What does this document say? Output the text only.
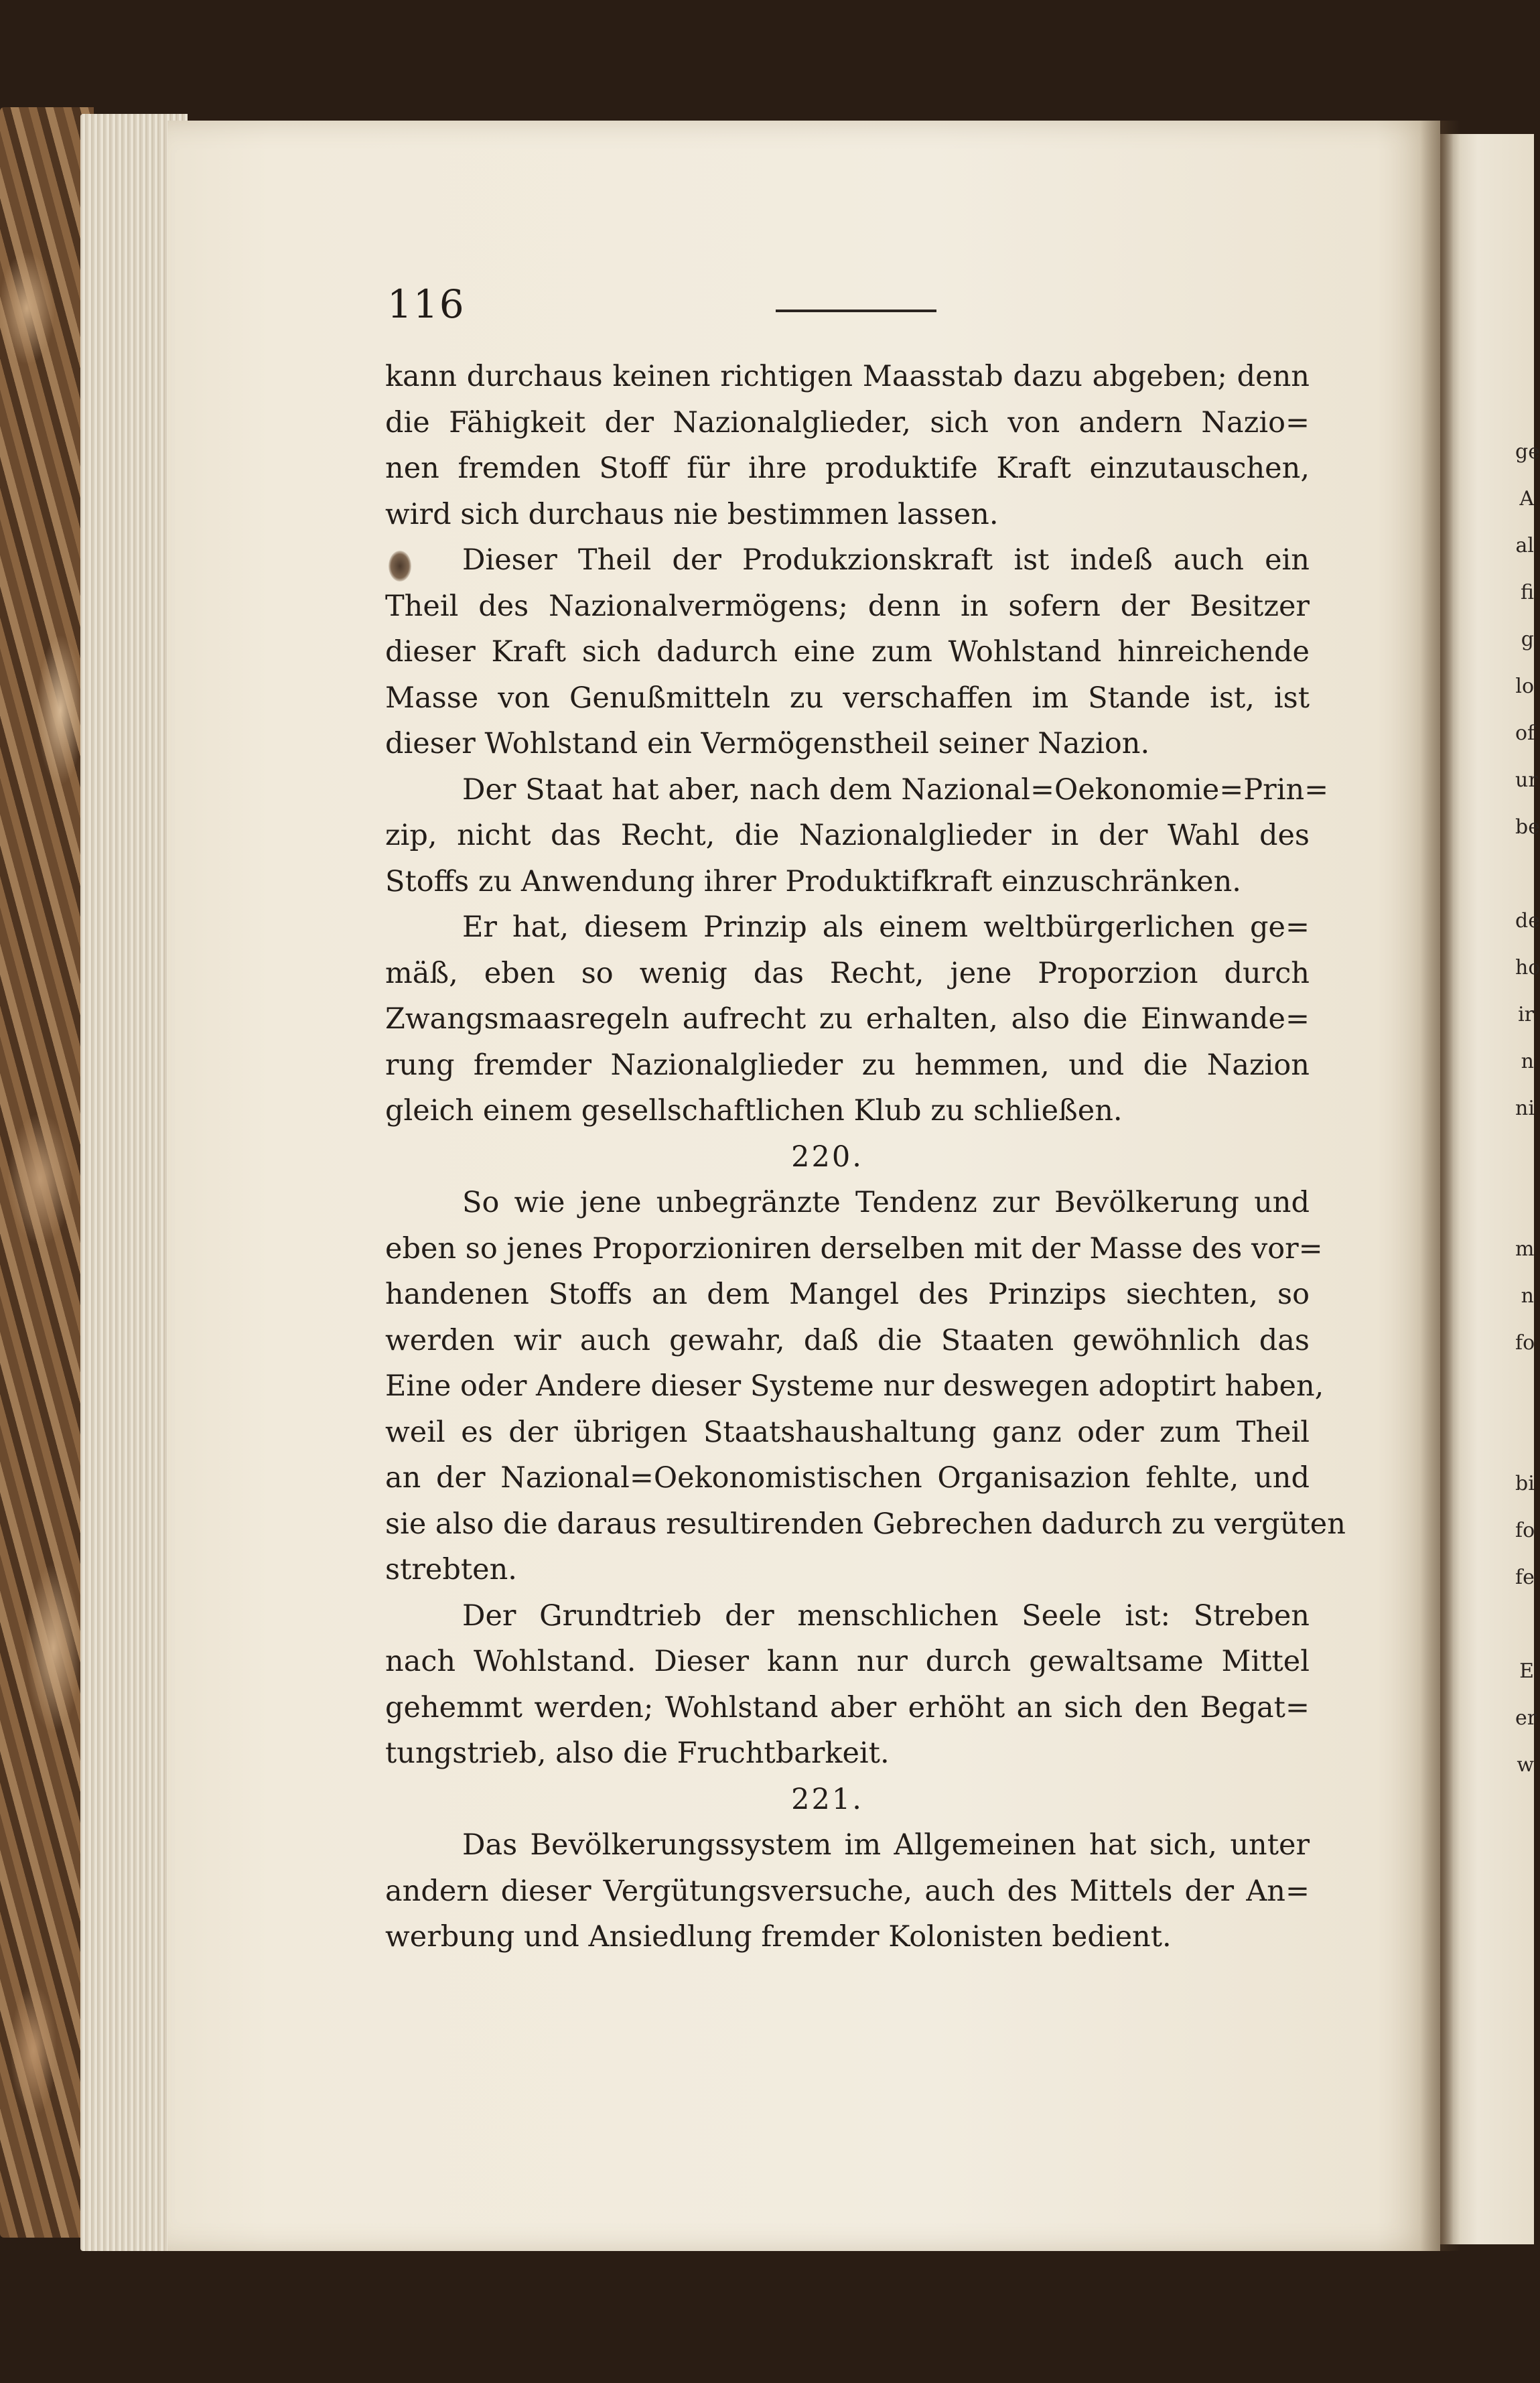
ge
A
al
fi
g
lo
of
ur
be
de
ho
ir
n
ni
m
n
fo
bi
fo
fe
E
er
w
116
kann durchaus keinen richtigen Maasstab dazu abgeben; denn
die Fähigkeit der Nazionalglieder, sich von andern Nazio=
nen fremden Stoff für ihre produktife Kraft einzutauschen,
wird sich durchaus nie bestimmen lassen.
Dieser Theil der Produkzionskraft ist indeß auch ein
Theil des Nazionalvermögens; denn in sofern der Besitzer
dieser Kraft sich dadurch eine zum Wohlstand hinreichende
Masse von Genußmitteln zu verschaffen im Stande ist, ist
dieser Wohlstand ein Vermögenstheil seiner Nazion.
Der Staat hat aber, nach dem Nazional=Oekonomie=Prin=
zip, nicht das Recht, die Nazionalglieder in der Wahl des
Stoffs zu Anwendung ihrer Produktifkraft einzuschränken.
Er hat, diesem Prinzip als einem weltbürgerlichen ge=
mäß, eben so wenig das Recht, jene Proporzion durch
Zwangsmaasregeln aufrecht zu erhalten, also die Einwande=
rung fremder Nazionalglieder zu hemmen, und die Nazion
gleich einem gesellschaftlichen Klub zu schließen.
220.
So wie jene unbegränzte Tendenz zur Bevölkerung und
eben so jenes Proporzioniren derselben mit der Masse des vor=
handenen Stoffs an dem Mangel des Prinzips siechten, so
werden wir auch gewahr, daß die Staaten gewöhnlich das
Eine oder Andere dieser Systeme nur deswegen adoptirt haben,
weil es der übrigen Staatshaushaltung ganz oder zum Theil
an der Nazional=Oekonomistischen Organisazion fehlte, und
sie also die daraus resultirenden Gebrechen dadurch zu vergüten
strebten.
Der Grundtrieb der menschlichen Seele ist: Streben
nach Wohlstand. Dieser kann nur durch gewaltsame Mittel
gehemmt werden; Wohlstand aber erhöht an sich den Begat=
tungstrieb, also die Fruchtbarkeit.
221.
Das Bevölkerungssystem im Allgemeinen hat sich, unter
andern dieser Vergütungsversuche, auch des Mittels der An=
werbung und Ansiedlung fremder Kolonisten bedient.
